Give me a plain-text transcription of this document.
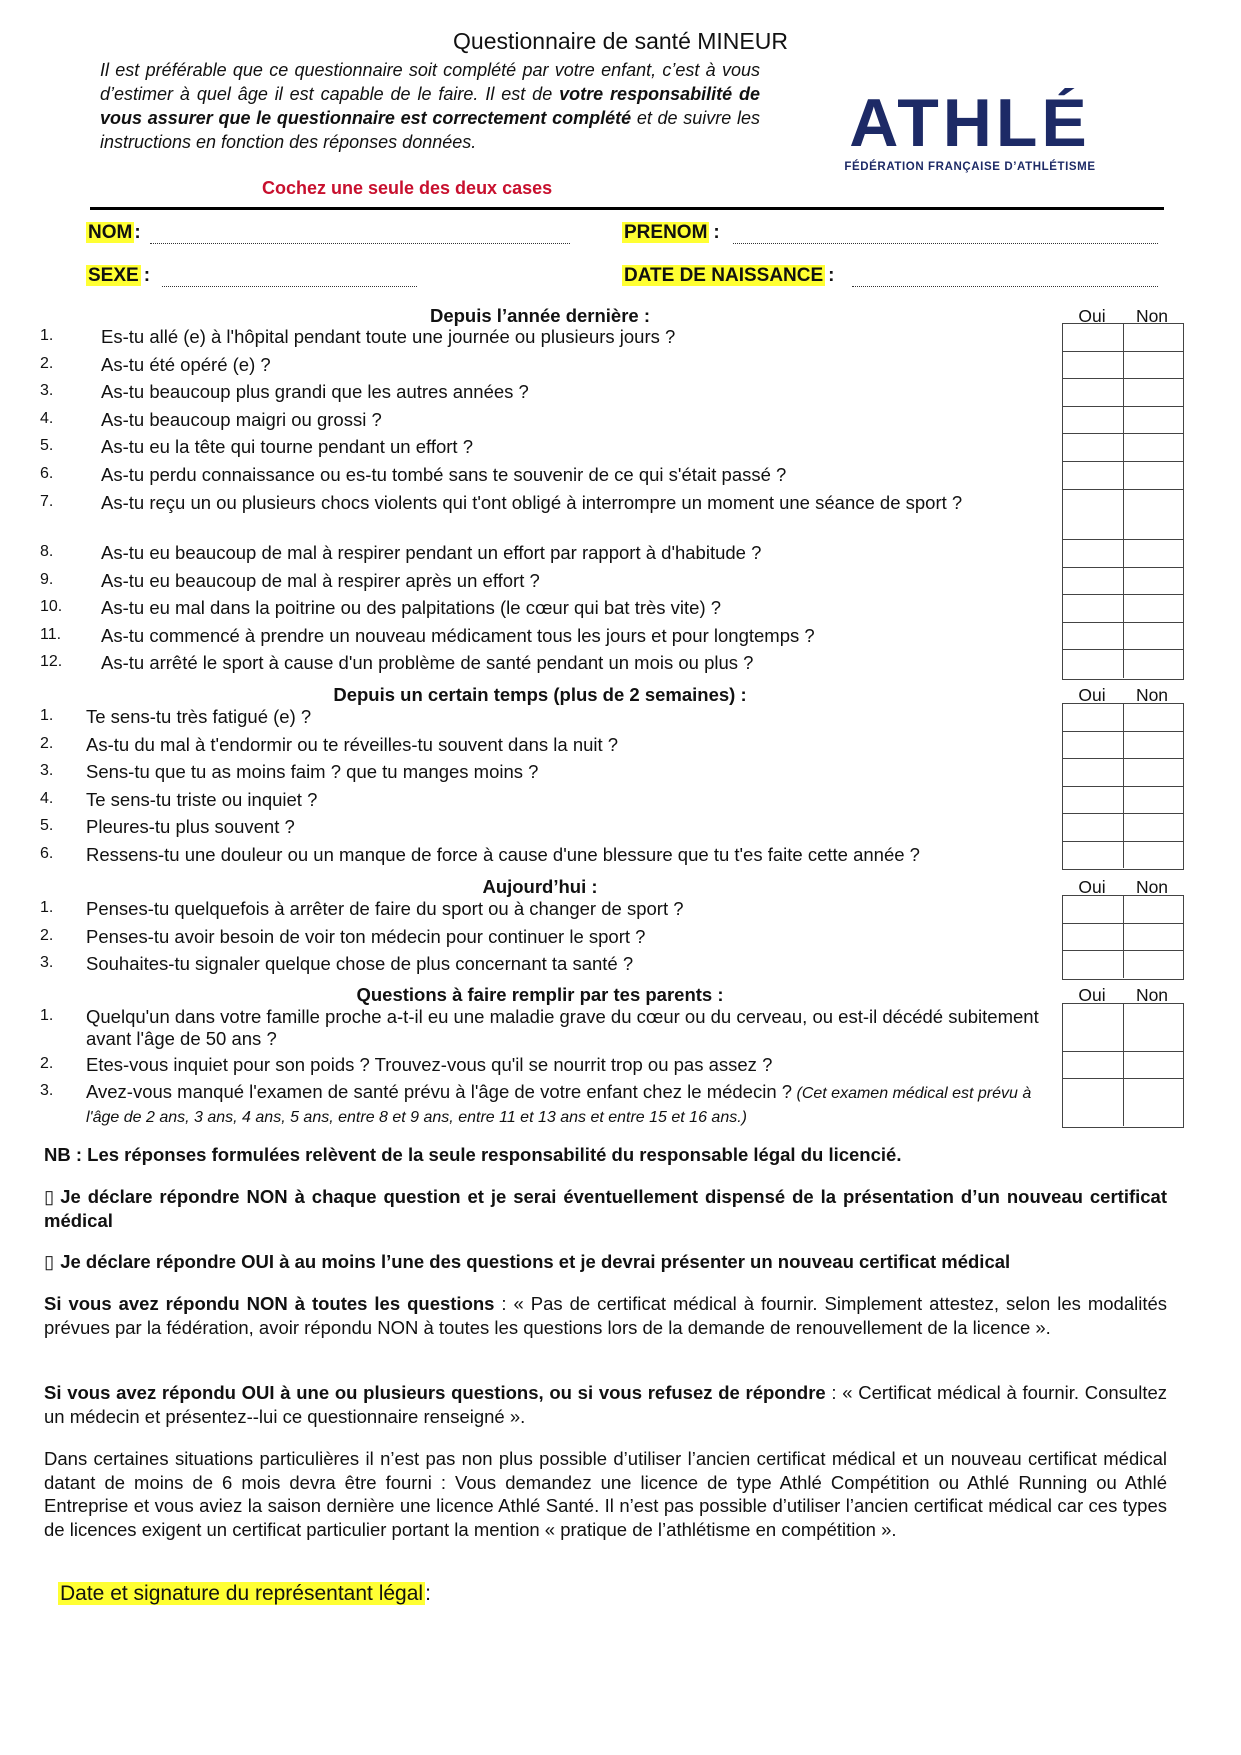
Questionnaire de santé MINEUR
Il est préférable que ce questionnaire soit complété par votre enfant, c’est à vous d’estimer à quel âge il est capable de le faire. Il est de votre responsabilité de vous assurer que le questionnaire est correctement complété et de suivre les instructions en fonction des réponses données.
Cochez une seule des deux cases
ATHLÉ
FÉDÉRATION FRANÇAISE D’ATHLÉTISME
NOM :	PRENOM :
SEXE :	DATE DE NAISSANCE :
Depuis l’année dernière :	Oui	Non
1.	Es-tu allé (e) à l'hôpital pendant toute une journée ou plusieurs jours ?
2.	As-tu été opéré (e) ?
3.	As-tu beaucoup plus grandi que les autres années ?
4.	As-tu beaucoup maigri ou grossi ?
5.	As-tu eu la tête qui tourne pendant un effort ?
6.	As-tu perdu connaissance ou es-tu tombé sans te souvenir de ce qui s'était passé ?
7.	As-tu reçu un ou plusieurs chocs violents qui t'ont obligé à interrompre un moment une séance de sport ?
8.	As-tu eu beaucoup de mal à respirer pendant un effort par rapport à d'habitude ?
9.	As-tu eu beaucoup de mal à respirer après un effort ?
10. As-tu eu mal dans la poitrine ou des palpitations (le cœur qui bat très vite) ?
11. As-tu commencé à prendre un nouveau médicament tous les jours et pour longtemps ?
12. As-tu arrêté le sport à cause d'un problème de santé pendant un mois ou plus ?
Depuis un certain temps (plus de 2 semaines) :	Oui	Non
1. Te sens-tu très fatigué (e) ?
2. As-tu du mal à t'endormir ou te réveilles-tu souvent dans la nuit ?
3. Sens-tu que tu as moins faim ? que tu manges moins ?
4. Te sens-tu triste ou inquiet ?
5. Pleures-tu plus souvent ?
6. Ressens-tu une douleur ou un manque de force à cause d'une blessure que tu t'es faite cette année ?
Aujourd’hui :	Oui	Non
1. Penses-tu quelquefois à arrêter de faire du sport ou à changer de sport ?
2. Penses-tu avoir besoin de voir ton médecin pour continuer le sport ?
3. Souhaites-tu signaler quelque chose de plus concernant ta santé ?
Questions à faire remplir par tes parents :	Oui	Non
1. Quelqu'un dans votre famille proche a-t-il eu une maladie grave du cœur ou du cerveau, ou est-il décédé subitement avant l'âge de 50 ans ?
2. Etes-vous inquiet pour son poids ? Trouvez-vous qu'il se nourrit trop ou pas assez ?
3. Avez-vous manqué l'examen de santé prévu à l'âge de votre enfant chez le médecin ? (Cet examen médical est prévu à l'âge de 2 ans, 3 ans, 4 ans, 5 ans, entre 8 et 9 ans, entre 11 et 13 ans et entre 15 et 16 ans.)
NB : Les réponses formulées relèvent de la seule responsabilité du responsable légal du licencié.
▯ Je déclare répondre NON à chaque question et je serai éventuellement dispensé de la présentation d’un nouveau certificat médical
▯ Je déclare répondre OUI à au moins l’une des questions et je devrai présenter un nouveau certificat médical
Si vous avez répondu NON à toutes les questions : « Pas de certificat médical à fournir. Simplement attestez, selon les modalités prévues par la fédération, avoir répondu NON à toutes les questions lors de la demande de renouvellement de la licence ».
Si vous avez répondu OUI à une ou plusieurs questions, ou si vous refusez de répondre : « Certificat médical à fournir. Consultez un médecin et présentez--lui ce questionnaire renseigné ».
Dans certaines situations particulières il n’est pas non plus possible d’utiliser l’ancien certificat médical et un nouveau certificat médical datant de moins de 6 mois devra être fourni : Vous demandez une licence de type Athlé Compétition ou Athlé Running ou Athlé Entreprise et vous aviez la saison dernière une licence Athlé Santé. Il n’est pas possible d’utiliser l’ancien certificat médical car ces types de licences exigent un certificat particulier portant la mention « pratique de l’athlétisme en compétition ».
Date et signature du représentant légal:
